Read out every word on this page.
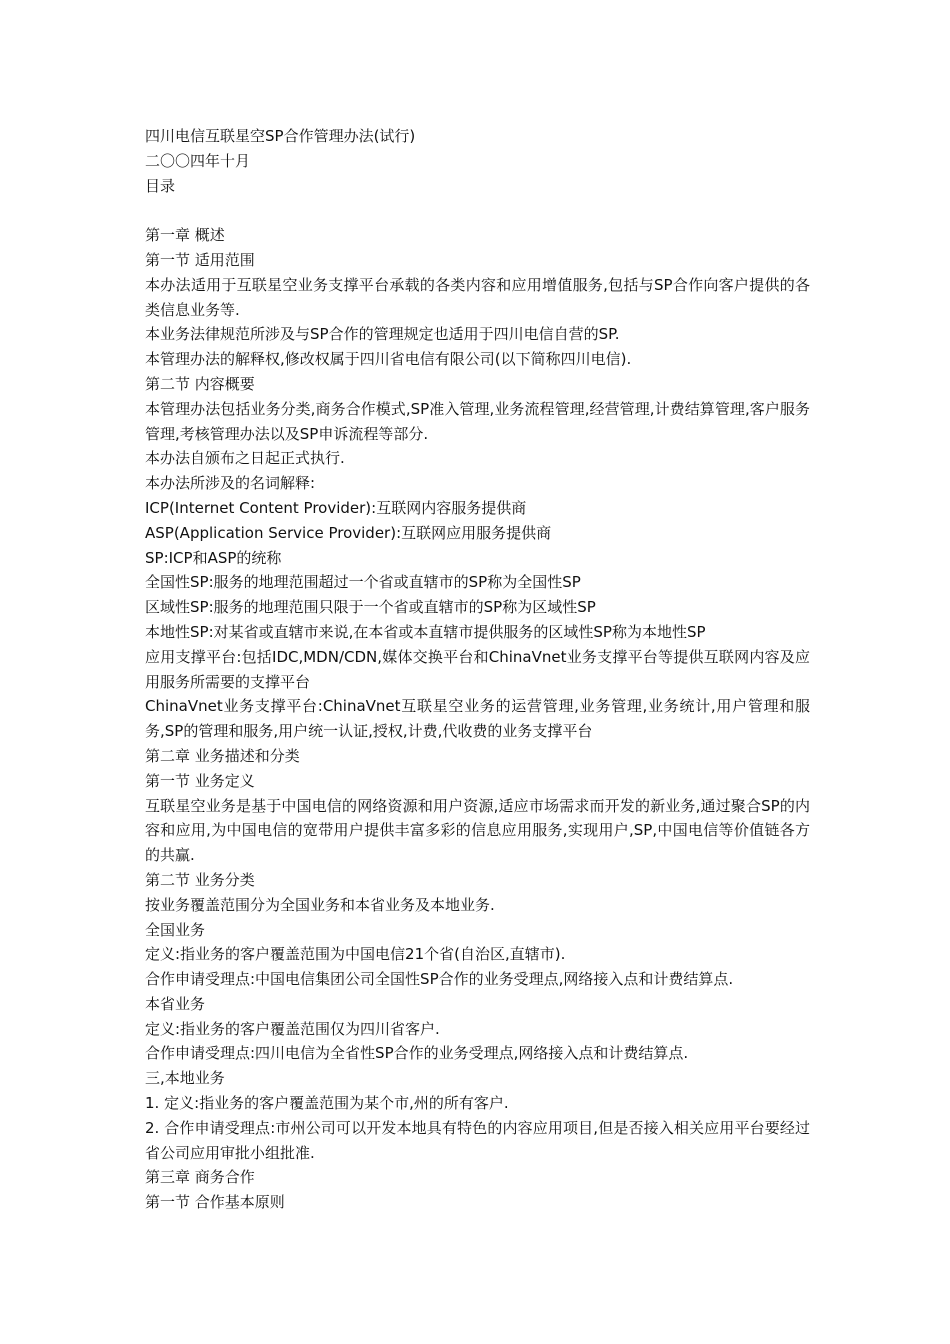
四川电信互联星空SP合作管理办法(试行)

二〇〇四年十月

目录

第一章 概述

第一节 适用范围

本办法适用于互联星空业务支撑平台承载的各类内容和应用增值服务,包括与SP合作向客户提供的各类信息业务等.

本业务法律规范所涉及与SP合作的管理规定也适用于四川电信自营的SP.

本管理办法的解释权,修改权属于四川省电信有限公司(以下简称四川电信).

第二节 内容概要

本管理办法包括业务分类,商务合作模式,SP准入管理,业务流程管理,经营管理,计费结算管理,客户服务管理,考核管理办法以及SP申诉流程等部分.

本办法自颁布之日起正式执行.

本办法所涉及的名词解释:

ICP(Internet Content Provider):互联网内容服务提供商

ASP(Application Service Provider):互联网应用服务提供商

SP:ICP和ASP的统称

全国性SP:服务的地理范围超过一个省或直辖市的SP称为全国性SP

区域性SP:服务的地理范围只限于一个省或直辖市的SP称为区域性SP

本地性SP:对某省或直辖市来说,在本省或本直辖市提供服务的区域性SP称为本地性SP

应用支撑平台:包括IDC,MDN/CDN,媒体交换平台和ChinaVnet业务支撑平台等提供互联网内容及应用服务所需要的支撑平台

ChinaVnet业务支撑平台:ChinaVnet互联星空业务的运营管理,业务管理,业务统计,用户管理和服务,SP的管理和服务,用户统一认证,授权,计费,代收费的业务支撑平台

第二章 业务描述和分类

第一节 业务定义

互联星空业务是基于中国电信的网络资源和用户资源,适应市场需求而开发的新业务,通过聚合SP的内容和应用,为中国电信的宽带用户提供丰富多彩的信息应用服务,实现用户,SP,中国电信等价值链各方的共赢.

第二节 业务分类

按业务覆盖范围分为全国业务和本省业务及本地业务.

全国业务

定义:指业务的客户覆盖范围为中国电信21个省(自治区,直辖市).

合作申请受理点:中国电信集团公司全国性SP合作的业务受理点,网络接入点和计费结算点.

本省业务

定义:指业务的客户覆盖范围仅为四川省客户.

合作申请受理点:四川电信为全省性SP合作的业务受理点,网络接入点和计费结算点.

三,本地业务

1. 定义:指业务的客户覆盖范围为某个市,州的所有客户.

2. 合作申请受理点:市州公司可以开发本地具有特色的内容应用项目,但是否接入相关应用平台要经过省公司应用审批小组批准.

第三章 商务合作

第一节 合作基本原则
